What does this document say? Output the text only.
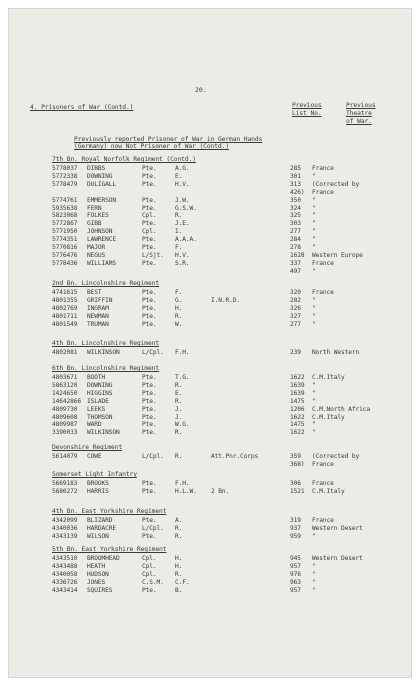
20.
4. Prisoners of War (Contd.)	Previous
List No.
Previous
Theatre
of War.
Previously reported Prisoner of War in German Hands
(Germany) now Not Prisoner of War (Contd.)
7th Bn. Royal Norfolk Regiment (Contd.)
5778037 DIBBS	Pte.	A.G.	285 France
5772338 DOWNING	Pte.	E.	301 "
5778479 DULIGALL	Pte.	H.V.	313 (Corrected by
426) France
5774761 EMMERSON	Pte.	J.W.	350 "
5935638 FERN	Pte.	G.S.W.	324 "
5823068 FOLKES	Cpl.	R.	325 "
5772867 GIBB	Pte.	J.E.	303 "
5771950 JOHNSON	Cpl.	I.	277 "
5774351 LAWRENCE	Pte.	A.A.A.	284 "
5770816 MAJOR	Pte.	F.	278 "
5776476 NEGUS	L/Sjt. H.V.	1628 Western Europe
5778436 WILLIAMS	Pte.	S.R.	337 France
497 "
2nd Bn. Lincolnshire Regiment
4741615 BEST	Pte.	F.	320 France
4801355 GRIFFIN	Pte.	G.	I.N.R.D.	282 "
4802769 INGRAM	Pte.	H.	326 "
4801711 NEWMAN	Pte.	R.	327 "
4801549 TRUMAN	Pte.	W.	277 "
4th Bn. Lincolnshire Regiment
4802081 WILKINSON	L/Cpl. F.H.	239 North Western
6th Bn. Lincolnshire Regiment
4803671 BOOTH	Pte.	T.G.	1622 C.M.Italy
5863120 DOWNING	Pte.	R.	1639 "
1424650 HIGGINS	Pte.	E.	1639 "
14642866 ISLADE	Pte.	R.	1475 "
4809730 LEEKS	Pte.	J.	1206 C.M.North Africa
4809608 THOMSON	Pte.	J.	1622 C.M.Italy
4809987 WARD	Pte.	W.G.	1475 "
3390033 WILKINSON	Pte.	R.	1622 "
Devonshire Regiment
5614079 COWE	L/Cpl. R.	Att.Pnr.Corps	359 (Corrected by
368) France
Somerset Light Infantry
5669183 BROOKS	Pte.	F.H.	306 France
5680272 HARRIS	Pte.	H.L.W. 2 Bn.	1521 C.M.Italy
4th Bn. East Yorkshire Regiment
4342099 BLIZARD	Pte.	A.	319 France
4340036 HARDACRE	L/Cpl. R.	937 Western Desert
4343139 WILSON	Pte.	R.	959 "
5th Bn. East Yorkshire Regiment
4343510 BROOMHEAD	Cpl.	H.	945 Western Desert
4343488 HEATH	Cpl.	H.	957 "
4340058 HUDSON	Cpl.	R.	976 "
4336726 JONES	C.S.M. C.F.	963 "
4343414 SQUIRES	Pte.	B.	957 "
